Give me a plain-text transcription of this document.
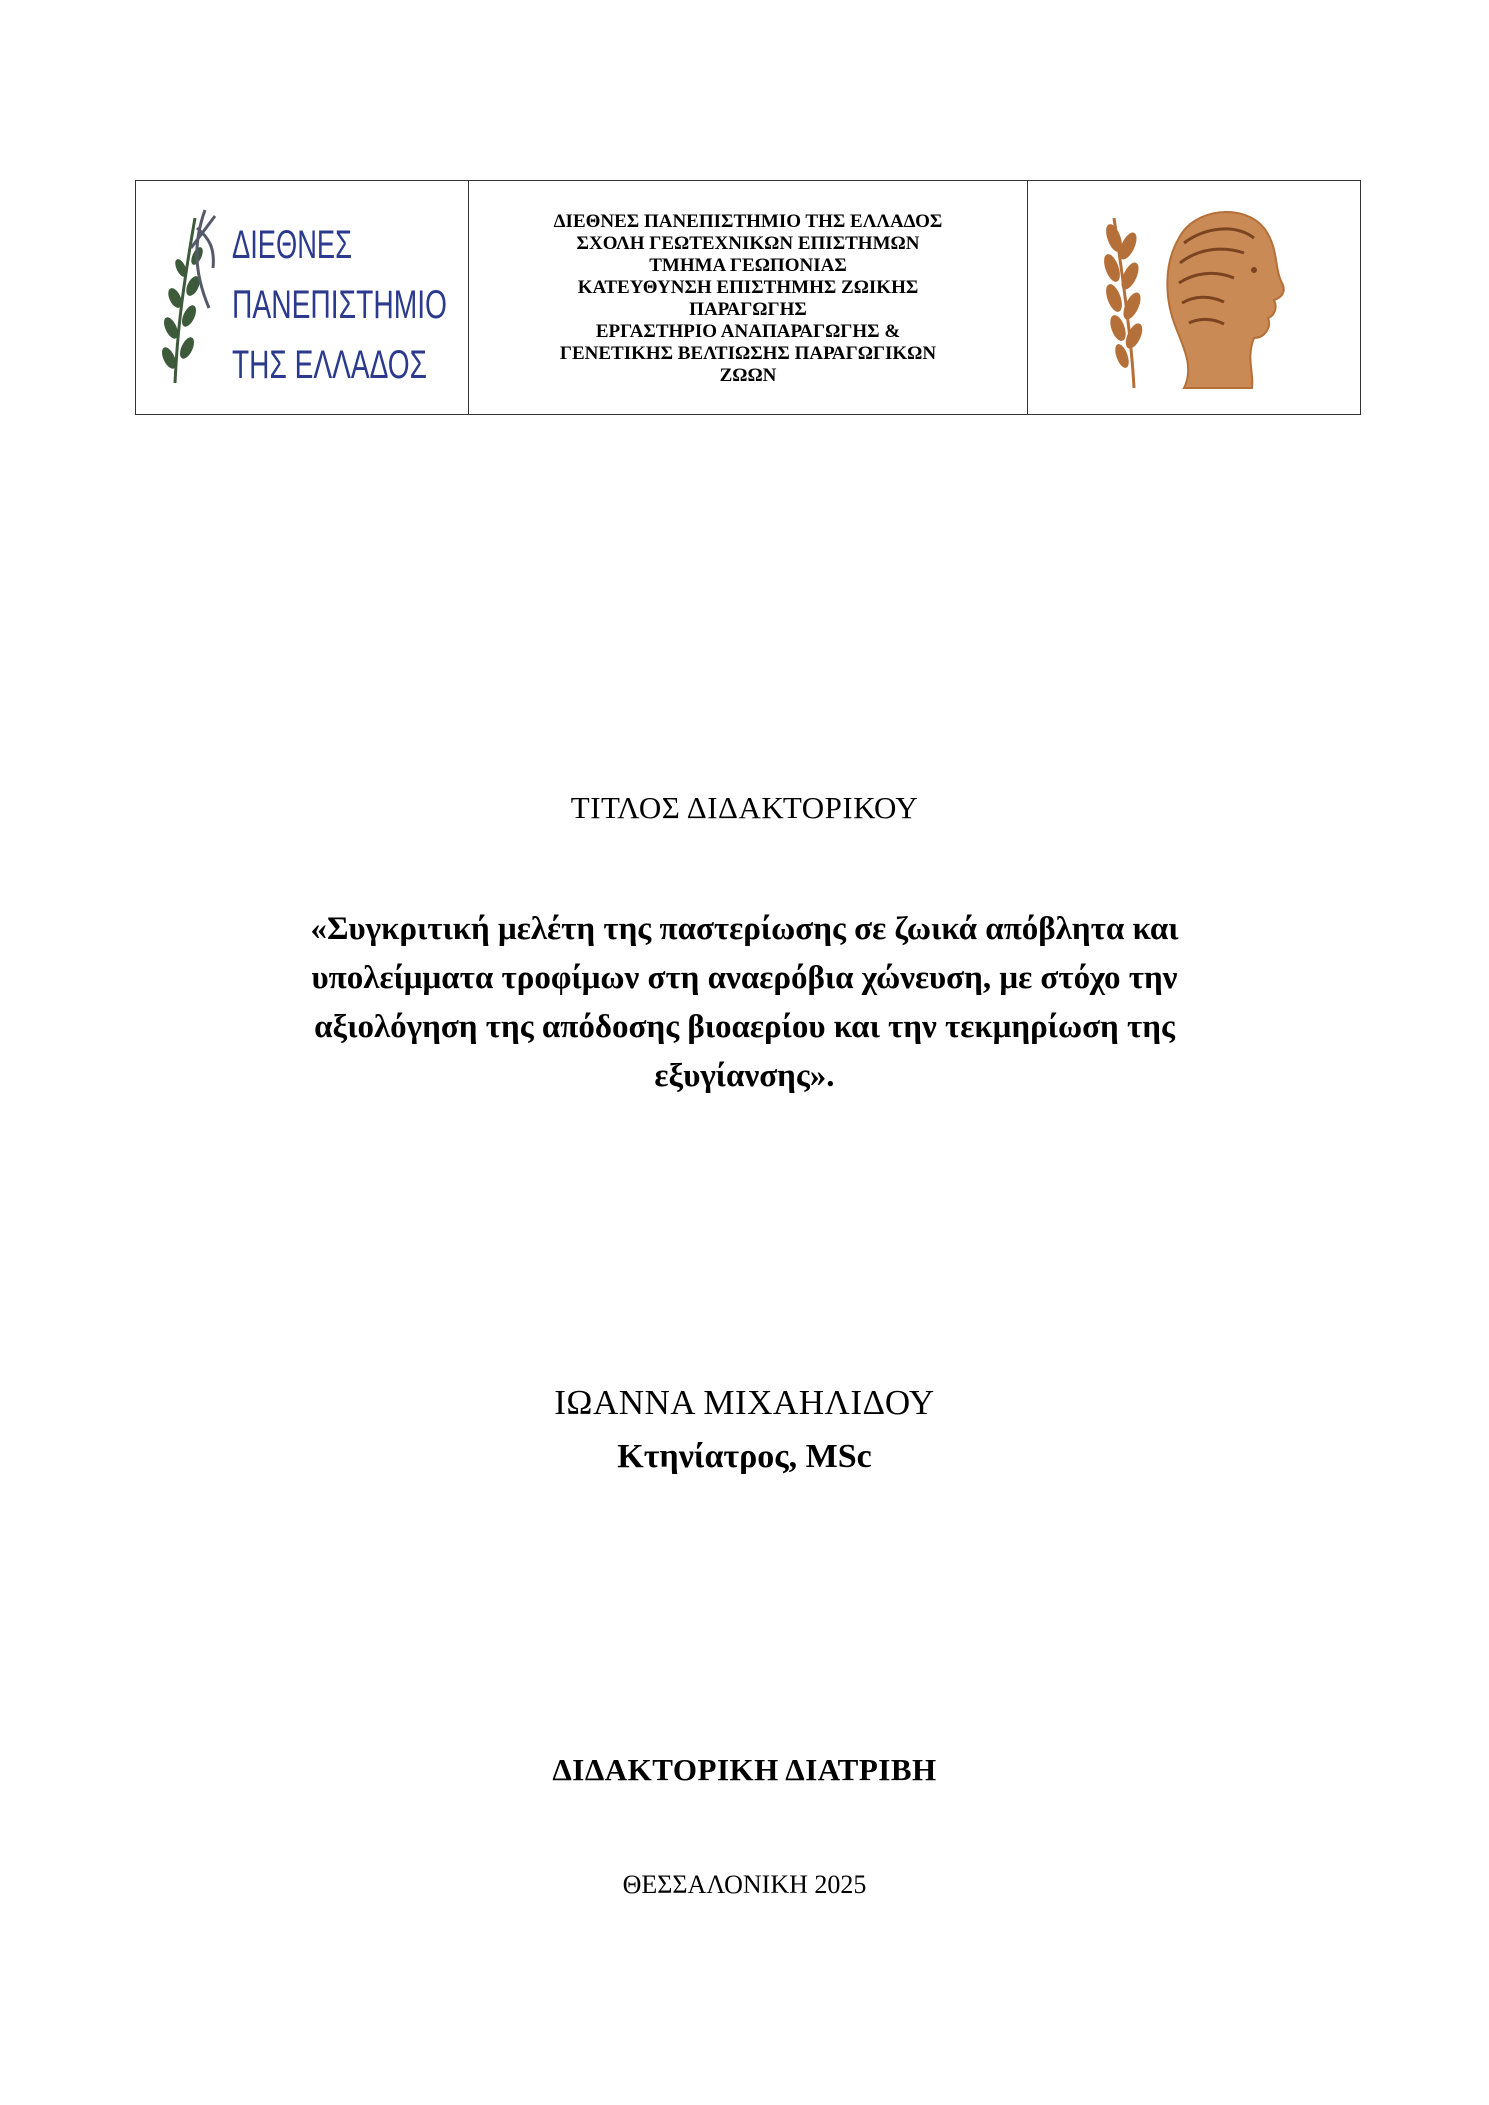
ΔΙΕΘΝΕΣ
ΠΑΝΕΠΙΣΤΗΜΙΟ
ΤΗΣ ΕΛΛΑΔΟΣ

ΔΙΕΘΝΕΣ ΠΑΝΕΠΙΣΤΗΜΙΟ ΤΗΣ ΕΛΛΑΔΟΣ
ΣΧΟΛΗ ΓΕΩΤΕΧΝΙΚΩΝ ΕΠΙΣΤΗΜΩΝ
ΤΜΗΜΑ ΓΕΩΠΟΝΙΑΣ
ΚΑΤΕΥΘΥΝΣΗ ΕΠΙΣΤΗΜΗΣ ΖΩΙΚΗΣ
ΠΑΡΑΓΩΓΗΣ
ΕΡΓΑΣΤΗΡΙΟ ΑΝΑΠΑΡΑΓΩΓΗΣ &
ΓΕΝΕΤΙΚΗΣ ΒΕΛΤΙΩΣΗΣ ΠΑΡΑΓΩΓΙΚΩΝ
ΖΩΩΝ

ΤΙΤΛΟΣ ΔΙΔΑΚΤΟΡΙΚΟΥ
«Συγκριτική μελέτη της παστερίωσης σε ζωικά απόβλητα και
υπολείμματα τροφίμων στη αναερόβια χώνευση, με στόχο την
αξιολόγηση της απόδοσης βιοαερίου και την τεκμηρίωση της
εξυγίανσης».
ΙΩΑΝΝΑ ΜΙΧΑΗΛΙΔΟΥ
Κτηνίατρος, MSc
ΔΙΔΑΚΤΟΡΙΚΗ ΔΙΑΤΡΙΒΗ
ΘΕΣΣΑΛΟΝΙΚΗ 2025
